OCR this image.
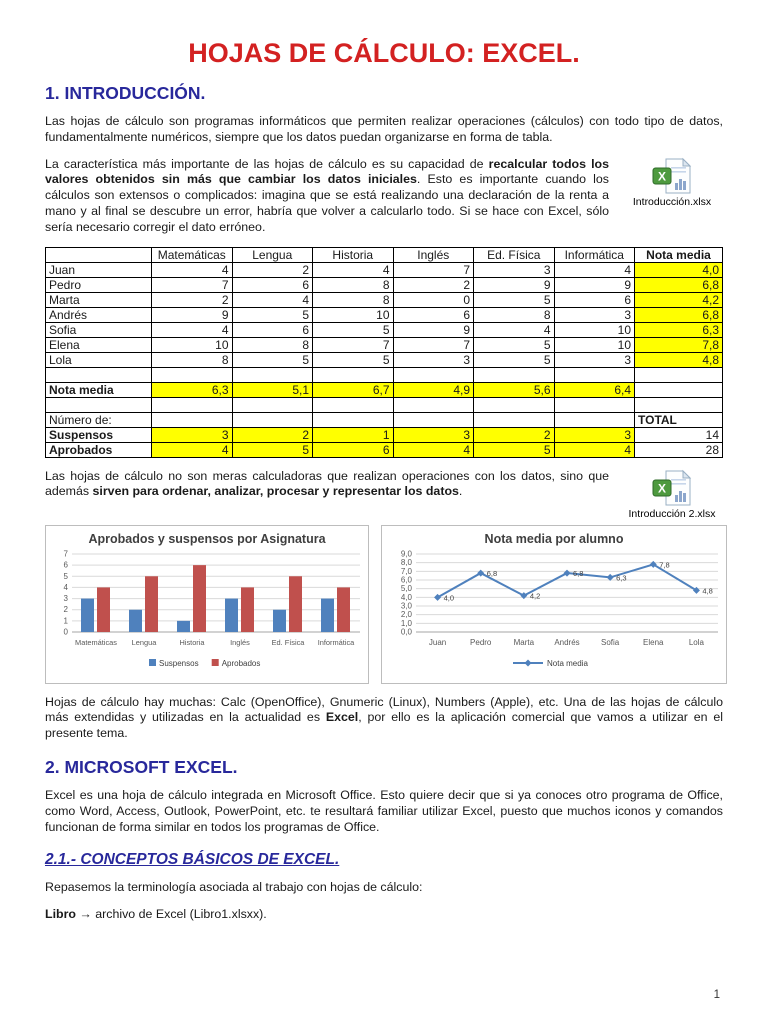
HOJAS DE CÁLCULO: EXCEL.
1. INTRODUCCIÓN.

Las hojas de cálculo son programas informáticos que permiten realizar operaciones (cálculos) con todo tipo de datos, fundamentalmente numéricos, siempre que los datos puedan organizarse en forma de tabla.

X
Introducción.xlsx

La característica más importante de las hojas de cálculo es su capacidad de recalcular todos los valores obtenidos sin más que cambiar los datos iniciales. Esto es importante cuando los cálculos son extensos o complicados: imagina que se está realizando una declaración de la renta a mano y al final se descubre un error, habría que volver a calcularlo todo. Si se hace con Excel, sólo sería necesario corregir el dato erróneo.

	Matemáticas	Lengua	Historia	Inglés	Ed. Física	Informática	Nota media
Juan	4	2	4	7	3	4	4,0
Pedro	7	6	8	2	9	9	6,8
Marta	2	4	8	0	5	6	4,2
Andrés	9	5	10	6	8	3	6,8
Sofia	4	6	5	9	4	10	6,3
Elena	10	8	7	7	5	10	7,8
Lola	8	5	5	3	5	3	4,8

Nota media	6,3	5,1	6,7	4,9	5,6	6,4	

Número de:							TOTAL
Suspensos	3	2	1	3	2	3	14
Aprobados	4	5	6	4	5	4	28
X
Introducción 2.xlsx

Las hojas de cálculo no son meras calculadoras que realizan operaciones con los datos, sino que además sirven para ordenar, analizar, procesar y representar los datos.

Aprobados y suspensos por Asignatura
0
1
2
3
4
5
6
7
Matemáticas Lengua	Historia	Inglés	Ed. Física Informática
Suspensos	Aprobados
Nota media por alumno
0,0
1,0
2,0
3,0
4,0
5,0
6,0
7,0
8,0
9,0
Juan	Pedro	Marta	Andrés	Sofia	Elena	Lola
4,0
6,8
4,2
6,8	6,3
7,8
4,8
Nota media

Hojas de cálculo hay muchas: Calc (OpenOffice), Gnumeric (Linux), Numbers (Apple), etc. Una de las hojas de cálculo más extendidas y utilizadas en la actualidad es Excel, por ello es la aplicación comercial que vamos a utilizar en el presente tema.

2. MICROSOFT EXCEL.

Excel es una hoja de cálculo integrada en Microsoft Office. Esto quiere decir que si ya conoces otro programa de Office, como Word, Access, Outlook, PowerPoint, etc. te resultará familiar utilizar Excel, puesto que muchos iconos y comandos funcionan de forma similar en todos los programas de Office.

2.1.- CONCEPTOS BÁSICOS DE EXCEL.

Repasemos la terminología asociada al trabajo con hojas de cálculo:

Libro → archivo de Excel (Libro1.xlsxx).

1
